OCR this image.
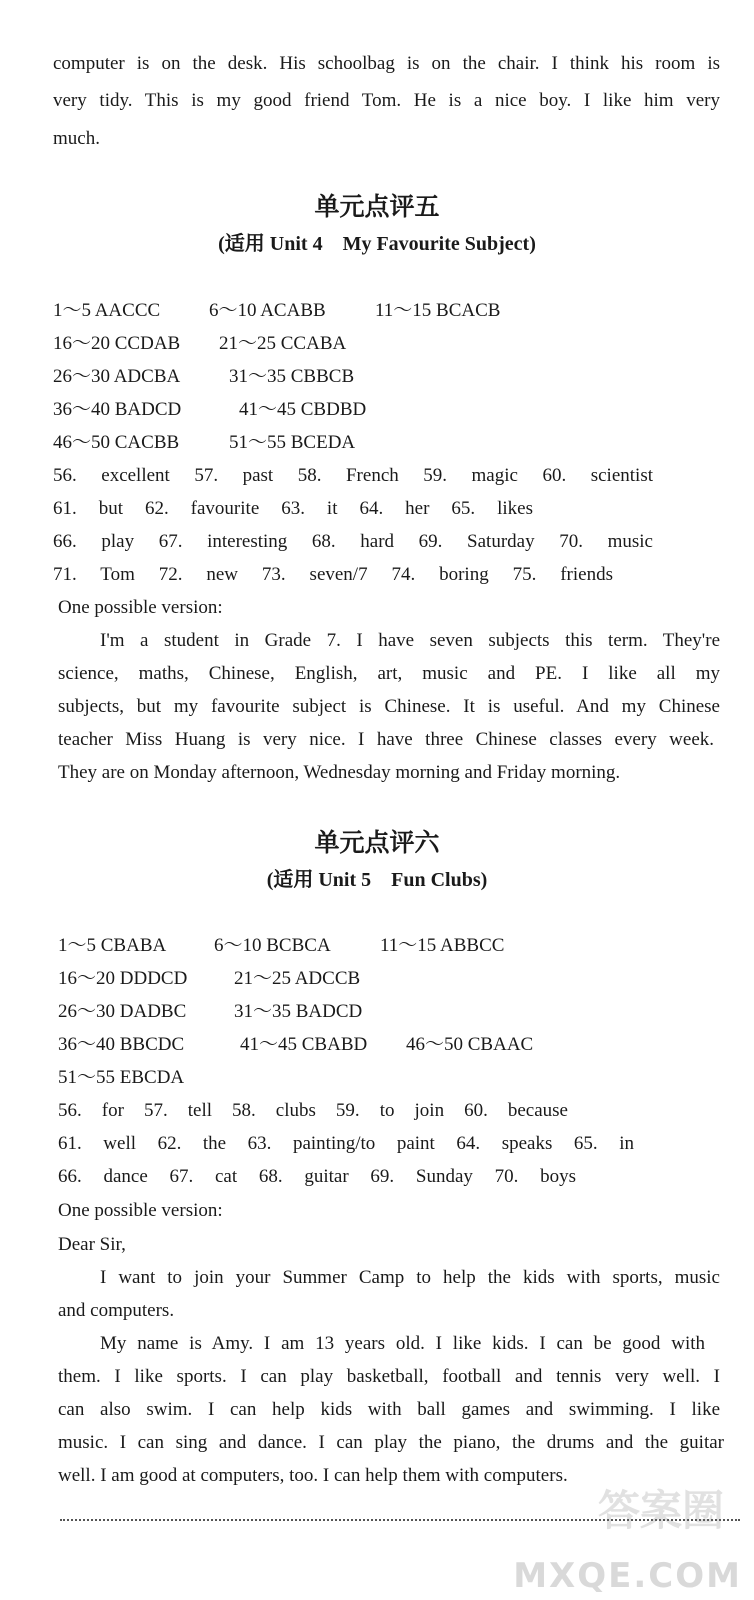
computer is on the desk. His schoolbag is on the chair. I think his room is
very tidy. This is my good friend Tom. He is a nice boy. I like him very
much.
单元点评五
(适用 Unit 4　My Favourite Subject)
1～5 AACCC	6～10 ACABB	11～15 BCACB
16～20 CCDAB 21～25 CCABA
26～30 ADCBA	31～35 CBBCB
36～40 BADCD	41～45 CBDBD
46～50 CACBB	51～55 BCEDA
56. excellent 57. past 58. French 59. magic 60. scientist
61. but 62. favourite 63. it 64. her 65. likes
66. play 67. interesting 68. hard 69. Saturday 70. music
71. Tom 72. new 73. seven/7 74. boring 75. friends
One possible version:
I'm a student in Grade 7. I have seven subjects this term. They're
science, maths, Chinese, English, art, music and PE. I like all my
subjects, but my favourite subject is Chinese. It is useful. And my Chinese
teacher Miss Huang is very nice. I have three Chinese classes every week.
They are on Monday afternoon, Wednesday morning and Friday morning.
单元点评六
(适用 Unit 5　Fun Clubs)
1～5 CBABA	6～10 BCBCA	11～15 ABBCC
16～20 DDDCD 21～25 ADCCB
26～30 DADBC	31～35 BADCD
36～40 BBCDC	41～45 CBABD 46～50 CBAAC
51～55 EBCDA
56. for 57. tell 58. clubs 59. to join 60. because
61. well 62. the 63. painting/to paint 64. speaks 65. in
66. dance 67. cat 68. guitar 69. Sunday 70. boys
One possible version:
Dear Sir,
I want to join your Summer Camp to help the kids with sports, music
and computers.
My name is Amy. I am 13 years old. I like kids. I can be good with
them. I like sports. I can play basketball, football and tennis very well. I
can also swim. I can help kids with ball games and swimming. I like
music. I can sing and dance. I can play the piano, the drums and the guitar
well. I am good at computers, too. I can help them with computers.
答案圈
MXQE.COM
